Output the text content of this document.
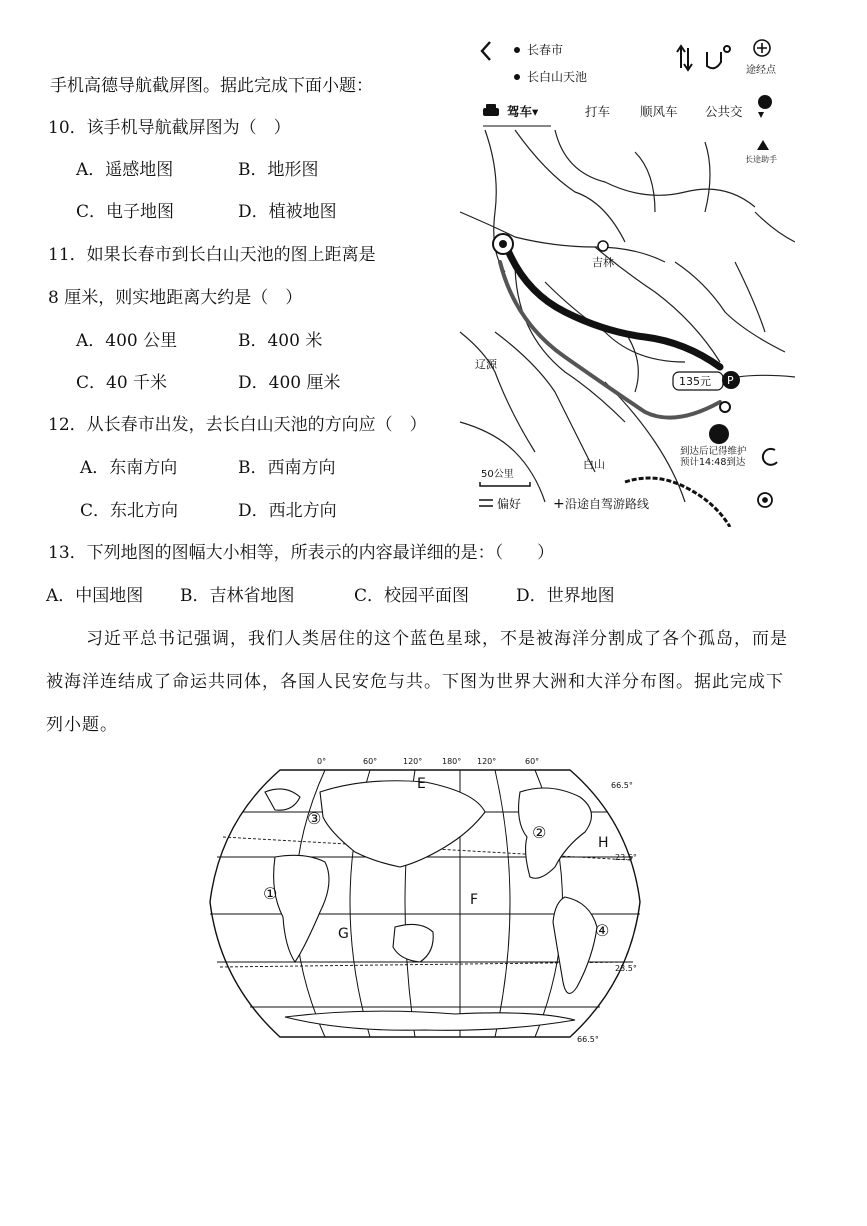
手机高德导航截屏图。据此完成下面小题：
10．该手机导航截屏图为（　）
A．遥感地图	B．地形图
C．电子地图	D．植被地图
11．如果长春市到长白山天池的图上距离是
8 厘米，则实地距离大约是（　）
A．400 公里	B．400 米
C．40 千米	D．400 厘米
12．从长春市出发，去长白山天池的方向应（　）
A．东南方向	B．西南方向
C．东北方向	D．西北方向
13．下列地图的图幅大小相等，所表示的内容最详细的是：（　　）
A．中国地图 B．吉林省地图	C．校园平面图	D．世界地图
习近平总书记强调，我们人类居住的这个蓝色星球，不是被海洋分割成了各个孤岛，而是
被海洋连结成了命运共同体，各国人民安危与共。下图为世界大洲和大洋分布图。据此完成下
列小题。
长春市
长白山天池	途经点
驾车▾	打车 顺风车 公共交
吉林
辽源
白山
135元 P
到达后记得维护
预计14:48到达
长途助手
50公里
偏好 + 沿途自驾游路线
0°	60°	120° 180° 120°	60°
66.5°
23.5°
23.5°
66.5°
E
F
G
H
①
②
③
④
